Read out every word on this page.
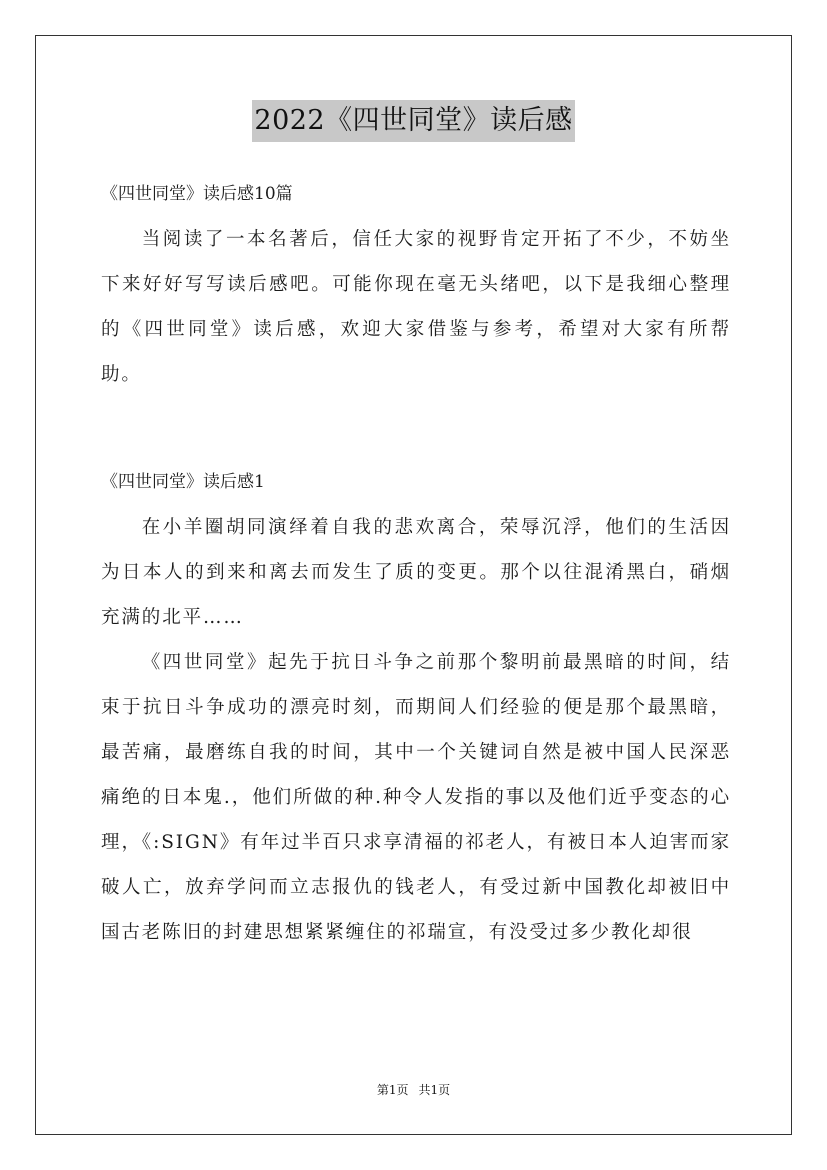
2022《四世同堂》读后感

《四世同堂》读后感10篇

当阅读了一本名著后，信任大家的视野肯定开拓了不少，不妨坐下来好好写写读后感吧。可能你现在毫无头绪吧，以下是我细心整理的《四世同堂》读后感，欢迎大家借鉴与参考，希望对大家有所帮助。

《四世同堂》读后感1

在小羊圈胡同演绎着自我的悲欢离合，荣辱沉浮，他们的生活因为日本人的到来和离去而发生了质的变更。那个以往混淆黑白，硝烟充满的北平……

《四世同堂》起先于抗日斗争之前那个黎明前最黑暗的时间，结束于抗日斗争成功的漂亮时刻，而期间人们经验的便是那个最黑暗，最苦痛，最磨练自我的时间，其中一个关键词自然是被中国人民深恶痛绝的日本鬼.，他们所做的种.种令人发指的事以及他们近乎变态的心理，《:SIGN》有年过半百只求享清福的祁老人，有被日本人迫害而家破人亡，放弃学问而立志报仇的钱老人，有受过新中国教化却被旧中国古老陈旧的封建思想紧紧缠住的祁瑞宣，有没受过多少教化却很

第1页 共1页
